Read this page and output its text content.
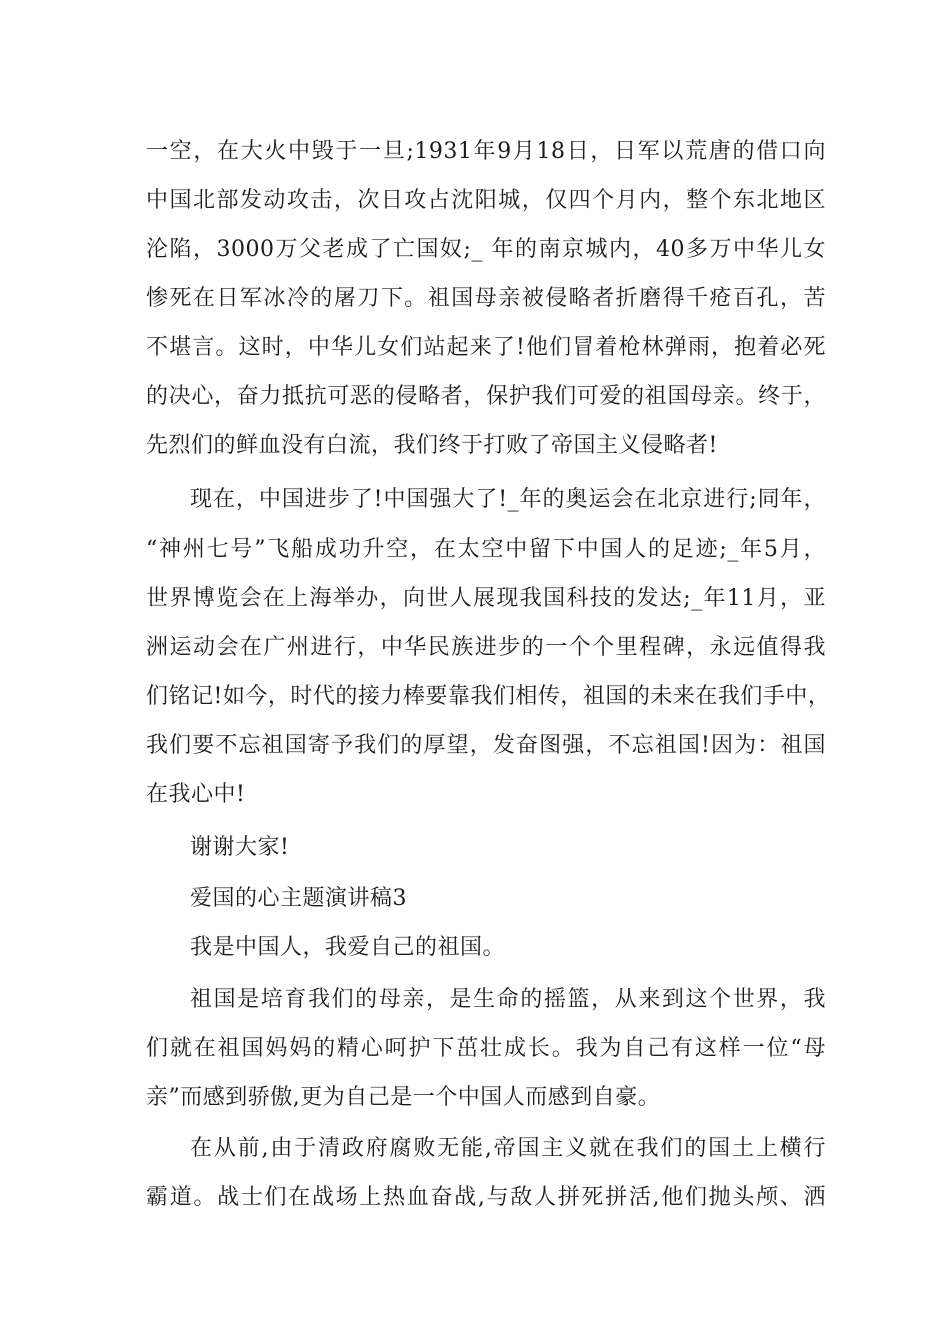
一空，在大火中毁于一旦;1931年9月18日，日军以荒唐的借口向
中国北部发动攻击，次日攻占沈阳城，仅四个月内，整个东北地区
沦陷，3000万父老成了亡国奴;_ 年的南京城内，40多万中华儿女
惨死在日军冰冷的屠刀下。祖国母亲被侵略者折磨得千疮百孔，苦
不堪言。这时，中华儿女们站起来了!他们冒着枪林弹雨，抱着必死
的决心，奋力抵抗可恶的侵略者，保护我们可爱的祖国母亲。终于，
先烈们的鲜血没有白流，我们终于打败了帝国主义侵略者!
现在，中国进步了!中国强大了!_年的奥运会在北京进行;同年，
“神州七号”飞船成功升空，在太空中留下中国人的足迹;_年5月，
世界博览会在上海举办，向世人展现我国科技的发达;_年11月，亚
洲运动会在广州进行，中华民族进步的一个个里程碑，永远值得我
们铭记!如今，时代的接力棒要靠我们相传，祖国的未来在我们手中，
我们要不忘祖国寄予我们的厚望，发奋图强，不忘祖国!因为：祖国
在我心中!
谢谢大家!
爱国的心主题演讲稿3
我是中国人，我爱自己的祖国。
祖国是培育我们的母亲，是生命的摇篮，从来到这个世界，我
们就在祖国妈妈的精心呵护下茁壮成长。我为自己有这样一位“母
亲”而感到骄傲,更为自己是一个中国人而感到自豪。
在从前,由于清政府腐败无能,帝国主义就在我们的国土上横行
霸道。战士们在战场上热血奋战,与敌人拼死拼活,他们抛头颅、洒
